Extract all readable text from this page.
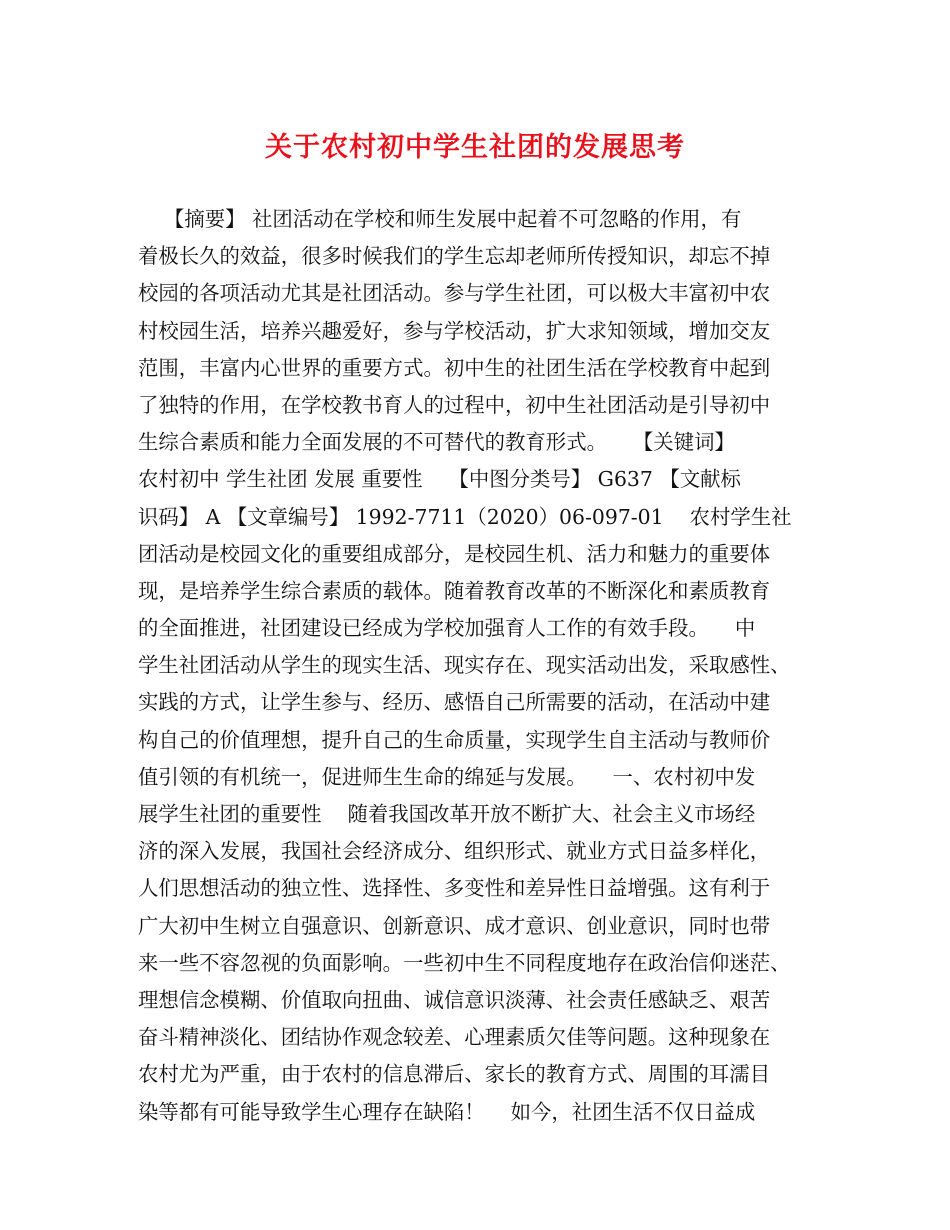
关于农村初中学生社团的发展思考
【摘要】 社团活动在学校和师生发展中起着不可忽略的作用，有
着极长久的效益，很多时候我们的学生忘却老师所传授知识，却忘不掉
校园的各项活动尤其是社团活动。参与学生社团，可以极大丰富初中农
村校园生活，培养兴趣爱好，参与学校活动，扩大求知领域，增加交友
范围，丰富内心世界的重要方式。初中生的社团生活在学校教育中起到
了独特的作用，在学校教书育人的过程中，初中生社团活动是引导初中
生综合素质和能力全面发展的不可替代的教育形式。    【关键词】
农村初中 学生社团 发展 重要性    【中图分类号】 G637 【文献标
识码】 A 【文章编号】 1992-7711（2020）06-097-01    农村学生社
团活动是校园文化的重要组成部分，是校园生机、活力和魅力的重要体
现，是培养学生综合素质的载体。随着教育改革的不断深化和素质教育
的全面推进，社团建设已经成为学校加强育人工作的有效手段。    中
学生社团活动从学生的现实生活、现实存在、现实活动出发，采取感性、
实践的方式，让学生参与、经历、感悟自己所需要的活动，在活动中建
构自己的价值理想，提升自己的生命质量，实现学生自主活动与教师价
值引领的有机统一，促进师生生命的绵延与发展。    一、农村初中发
展学生社团的重要性    随着我国改革开放不断扩大、社会主义市场经
济的深入发展，我国社会经济成分、组织形式、就业方式日益多样化，
人们思想活动的独立性、选择性、多变性和差异性日益增强。这有利于
广大初中生树立自强意识、创新意识、成才意识、创业意识，同时也带
来一些不容忽视的负面影响。一些初中生不同程度地存在政治信仰迷茫、
理想信念模糊、价值取向扭曲、诚信意识淡薄、社会责任感缺乏、艰苦
奋斗精神淡化、团结协作观念较差、心理素质欠佳等问题。这种现象在
农村尤为严重，由于农村的信息滞后、家长的教育方式、周围的耳濡目
染等都有可能导致学生心理存在缺陷！    如今，社团生活不仅日益成
